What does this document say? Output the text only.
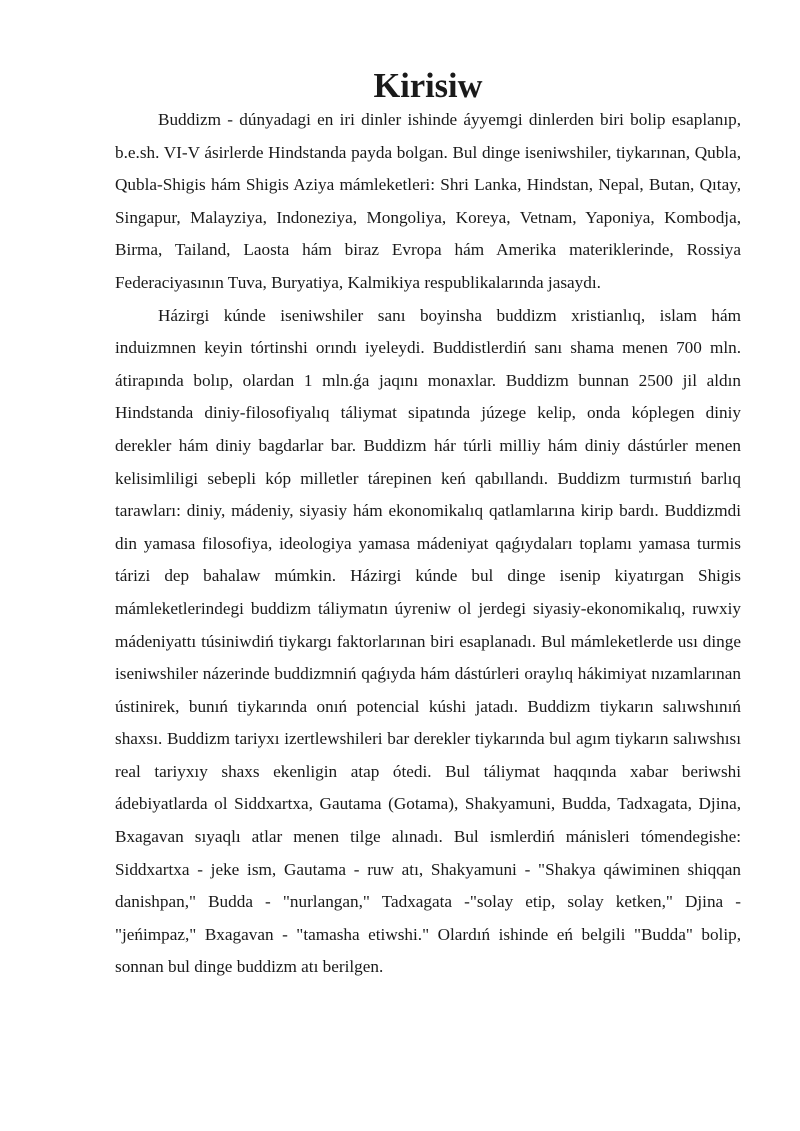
Kirisiw

Buddizm - dúnyadagi en iri dinler ishinde áyyemgi dinlerden biri bolip esaplanıp, b.e.sh. VI-V ásirlerde Hindstanda payda bolgan. Bul dinge iseniwshiler, tiykarınan, Qubla, Qubla-Shigis hám Shigis Aziya mámleketleri: Shri Lanka, Hindstan, Nepal, Butan, Qıtay, Singapur, Malayziya, Indoneziya, Mongoliya, Koreya, Vetnam, Yaponiya, Kombodja, Birma, Tailand, Laosta hám biraz Evropa hám Amerika materiklerinde, Rossiya Federaciyasının Tuva, Buryatiya, Kalmikiya respublikalarında jasaydı.

Házirgi kúnde iseniwshiler sanı boyinsha buddizm xristianlıq, islam hám induizmnen keyin tórtinshi orındı iyeleydi. Buddistlerdiń sanı shama menen 700 mln. átirapında bolıp, olardan 1 mln.ǵa jaqını monaxlar. Buddizm bunnan 2500 jil aldın Hindstanda diniy-filosofiyalıq táliymat sipatında júzege kelip, onda kóplegen diniy derekler hám diniy bagdarlar bar. Buddizm hár túrli milliy hám diniy dástúrler menen kelisimliligi sebepli kóp milletler tárepinen keń qabıllandı. Buddizm turmıstıń barlıq tarawları: diniy, mádeniy, siyasiy hám ekonomikalıq qatlamlarına kirip bardı. Buddizmdi din yamasa filosofiya, ideologiya yamasa mádeniyat qaǵıydaları toplamı yamasa turmis tárizi dep bahalaw múmkin. Házirgi kúnde bul dinge isenip kiyatırgan Shigis mámleketlerindegi buddizm táliymatın úyreniw ol jerdegi siyasiy-ekonomikalıq, ruwxiy mádeniyattı túsiniwdiń tiykargı faktorlarınan biri esaplanadı. Bul mámleketlerde usı dinge iseniwshiler názerinde buddizmniń qaǵıyda hám dástúrleri oraylıq hákimiyat nızamlarınan ústinirek, bunıń tiykarında onıń potencial kúshi jatadı. Buddizm tiykarın salıwshınıń shaxsı. Buddizm tariyxı izertlewshileri bar derekler tiykarında bul agım tiykarın salıwshısı real tariyxıy shaxs ekenligin atap ótedi. Bul táliymat haqqında xabar beriwshi ádebiyatlarda ol Siddxartxa, Gautama (Gotama), Shakyamuni, Budda, Tadxagata, Djina, Bxagavan sıyaqlı atlar menen tilge alınadı. Bul ismlerdiń mánisleri tómendegishe: Siddxartxa - jeke ism, Gautama - ruw atı, Shakyamuni - "Shakya qáwiminen shiqqan danishpan," Budda - "nurlangan," Tadxagata -"solay etip, solay ketken," Djina - "jeńimpaz," Bxagavan - "tamasha etiwshi." Olardıń ishinde eń belgili "Budda" bolip, sonnan bul dinge buddizm atı berilgen.
